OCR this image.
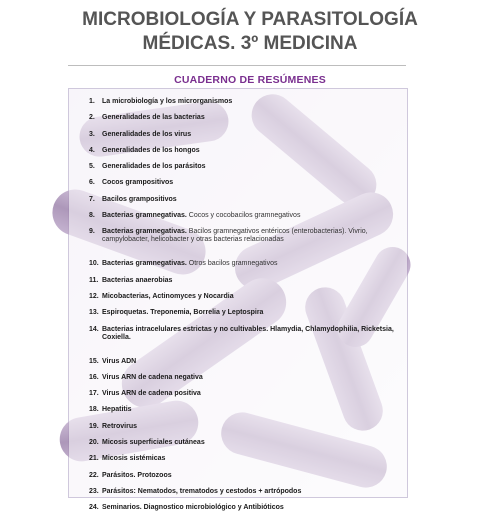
MICROBIOLOGÍA Y PARASITOLOGÍA
MÉDICAS. 3º MEDICINA
CUADERNO DE RESÚMENES
1.	La microbiología y los microrganismos
2.	Generalidades de las bacterias
3.	Generalidades de los virus
4.	Generalidades de los hongos
5.	Generalidades de los parásitos
6.	Cocos grampositivos
7.	Bacilos grampositivos
8.	Bacterias gramnegativas. Cocos y cocobacilos gramnegativos
9.	Bacterias gramnegativas. Bacilos gramnegativos entéricos (enterobacterias). Vivrio, campylobacter, helicobacter y otras bacterias relacionadas
10. Bacterias gramnegativas. Otros bacilos gramnegativos
11. Bacterias anaerobias
12. Micobacterias, Actinomyces y Nocardia
13. Espiroquetas. Treponemia, Borrelia y Leptospira
14. Bacterias intracelulares estrictas y no cultivables. Hlamydia, Chlamydophilia, Ricketsia, Coxiella.
15. Virus ADN
16. Virus ARN de cadena negativa
17. Virus ARN de cadena positiva
18. Hepatitis
19. Retrovirus
20. Micosis superficiales cutáneas
21. Micosis sistémicas
22. Parásitos. Protozoos
23. Parásitos: Nematodos, trematodos y cestodos + artrópodos
24. Seminarios. Diagnostico microbiológico y Antibióticos
